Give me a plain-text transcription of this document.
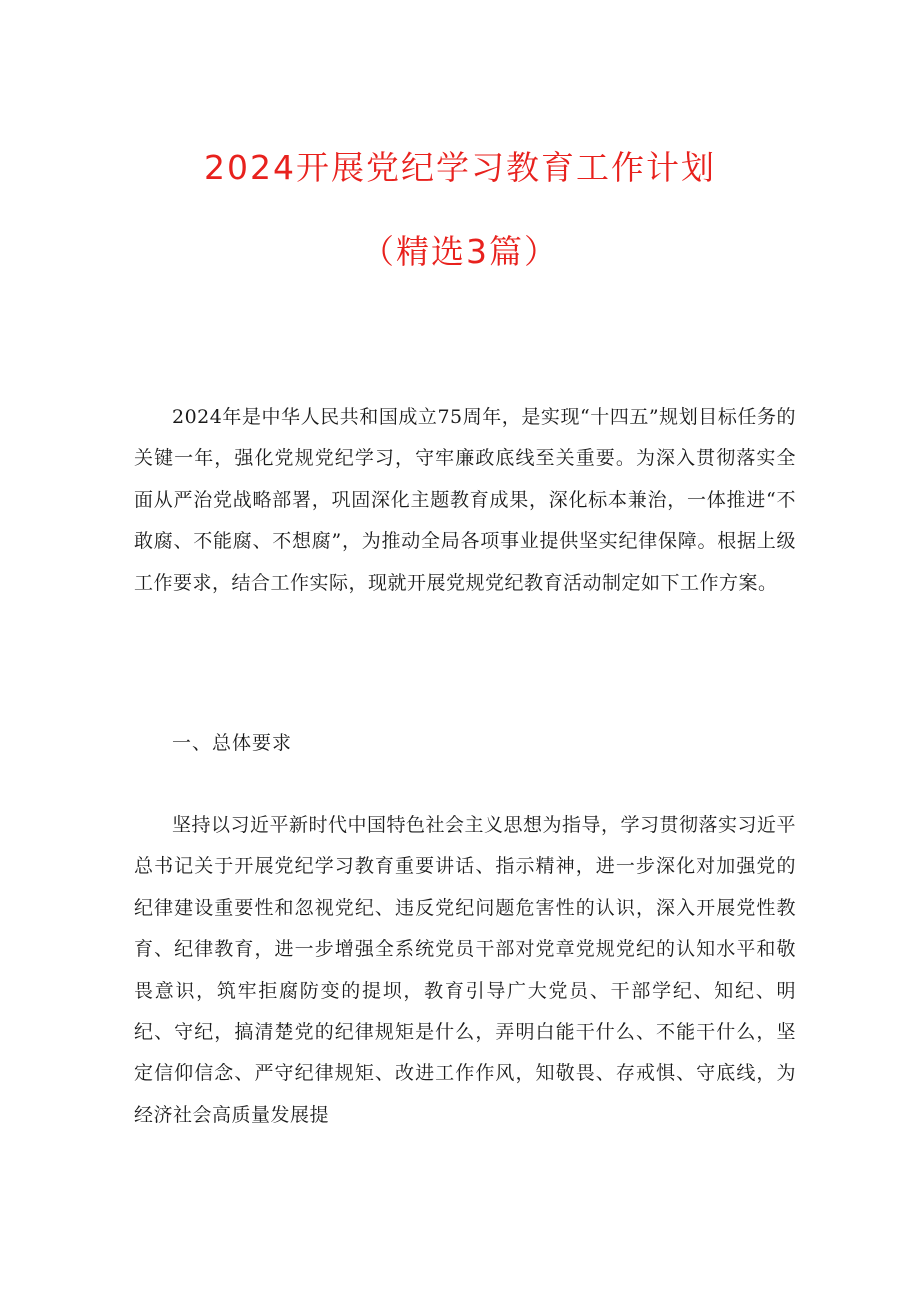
2024开展党纪学习教育工作计划
（精选3篇）

2024年是中华人民共和国成立75周年，是实现“十四五”规划目标任务的关键一年，强化党规党纪学习，守牢廉政底线至关重要。为深入贯彻落实全面从严治党战略部署，巩固深化主题教育成果，深化标本兼治，一体推进“不敢腐、不能腐、不想腐”，为推动全局各项事业提供坚实纪律保障。根据上级工作要求，结合工作实际，现就开展党规党纪教育活动制定如下工作方案。

一、总体要求

坚持以习近平新时代中国特色社会主义思想为指导，学习贯彻落实习近平总书记关于开展党纪学习教育重要讲话、指示精神，进一步深化对加强党的纪律建设重要性和忽视党纪、违反党纪问题危害性的认识，深入开展党性教育、纪律教育，进一步增强全系统党员干部对党章党规党纪的认知水平和敬畏意识，筑牢拒腐防变的提坝，教育引导广大党员、干部学纪、知纪、明纪、守纪，搞清楚党的纪律规矩是什么，弄明白能干什么、不能干什么，坚定信仰信念、严守纪律规矩、改进工作作风，知敬畏、存戒惧、守底线，为经济社会高质量发展提
